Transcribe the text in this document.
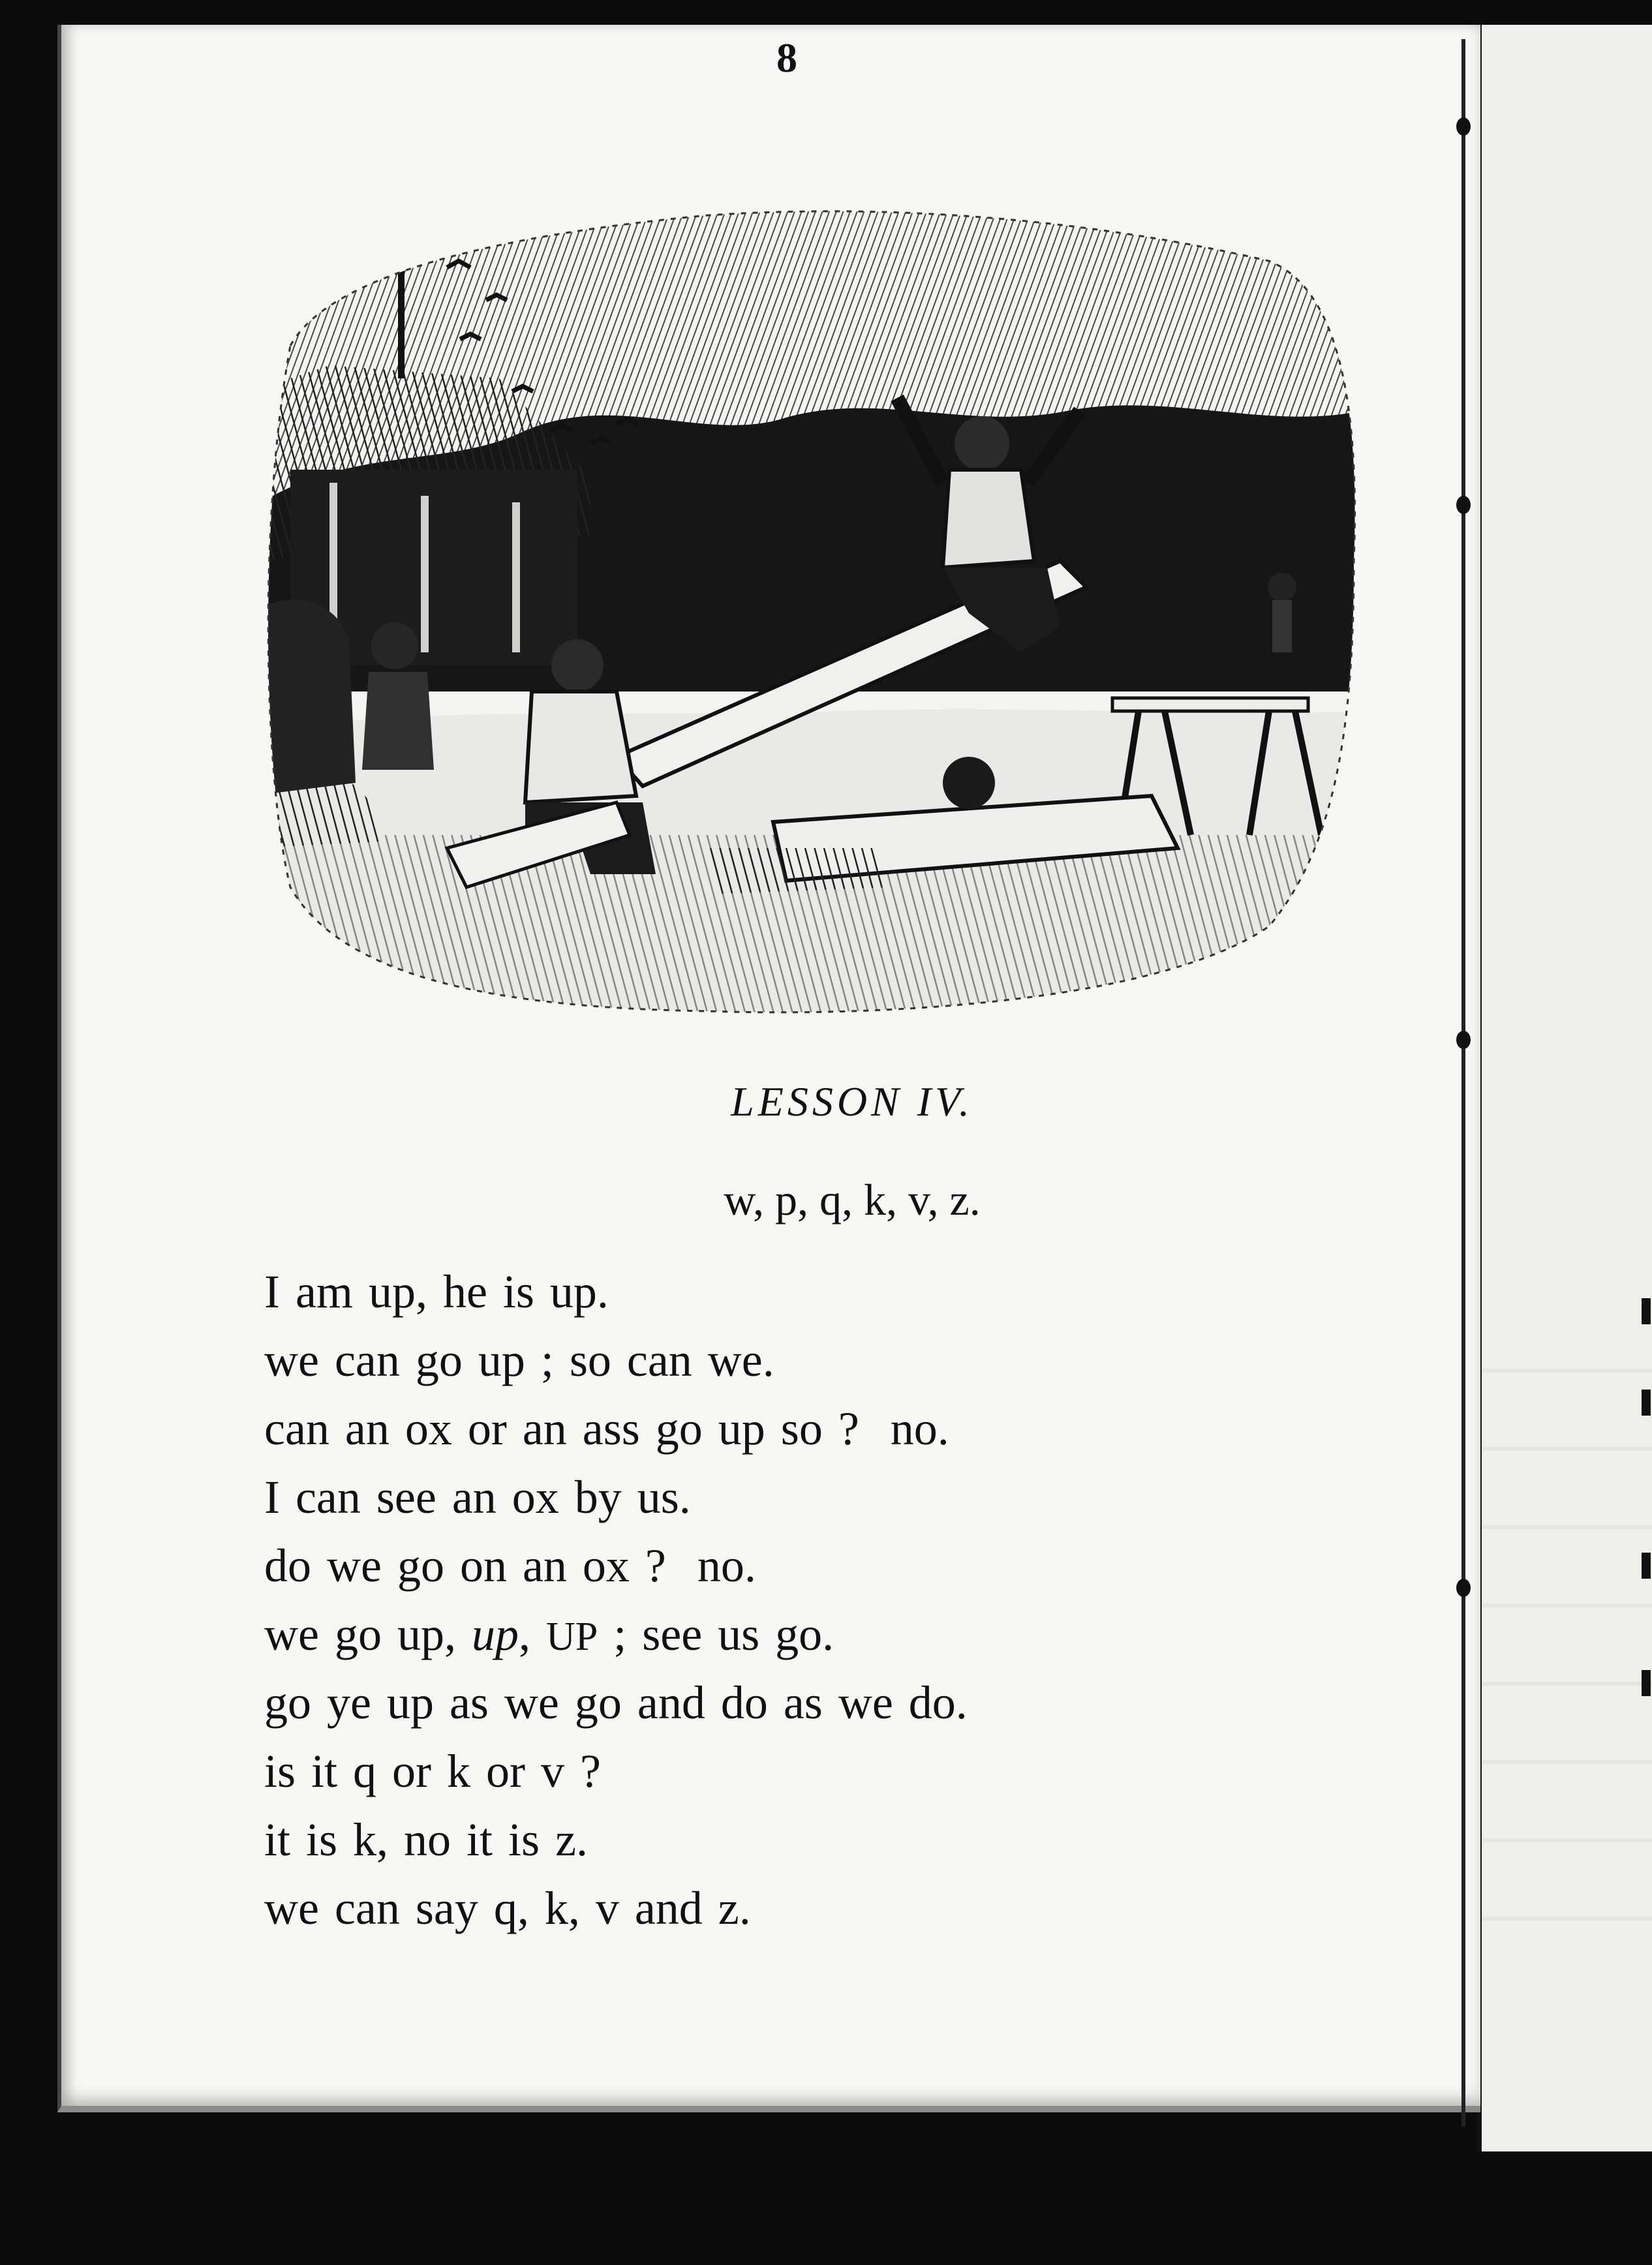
8
LESSON IV.
w, p, q, k, v, z.
I am up, he is up.
we can go up ; so can we.
can an ox or an ass go up so ?  no.
I can see an ox by us.
do we go on an ox ?  no.
we go up, up, UP ; see us go.
go ye up as we go and do as we do.
is it q or k or v ?
it is k, no it is z.
we can say q, k, v and z.
